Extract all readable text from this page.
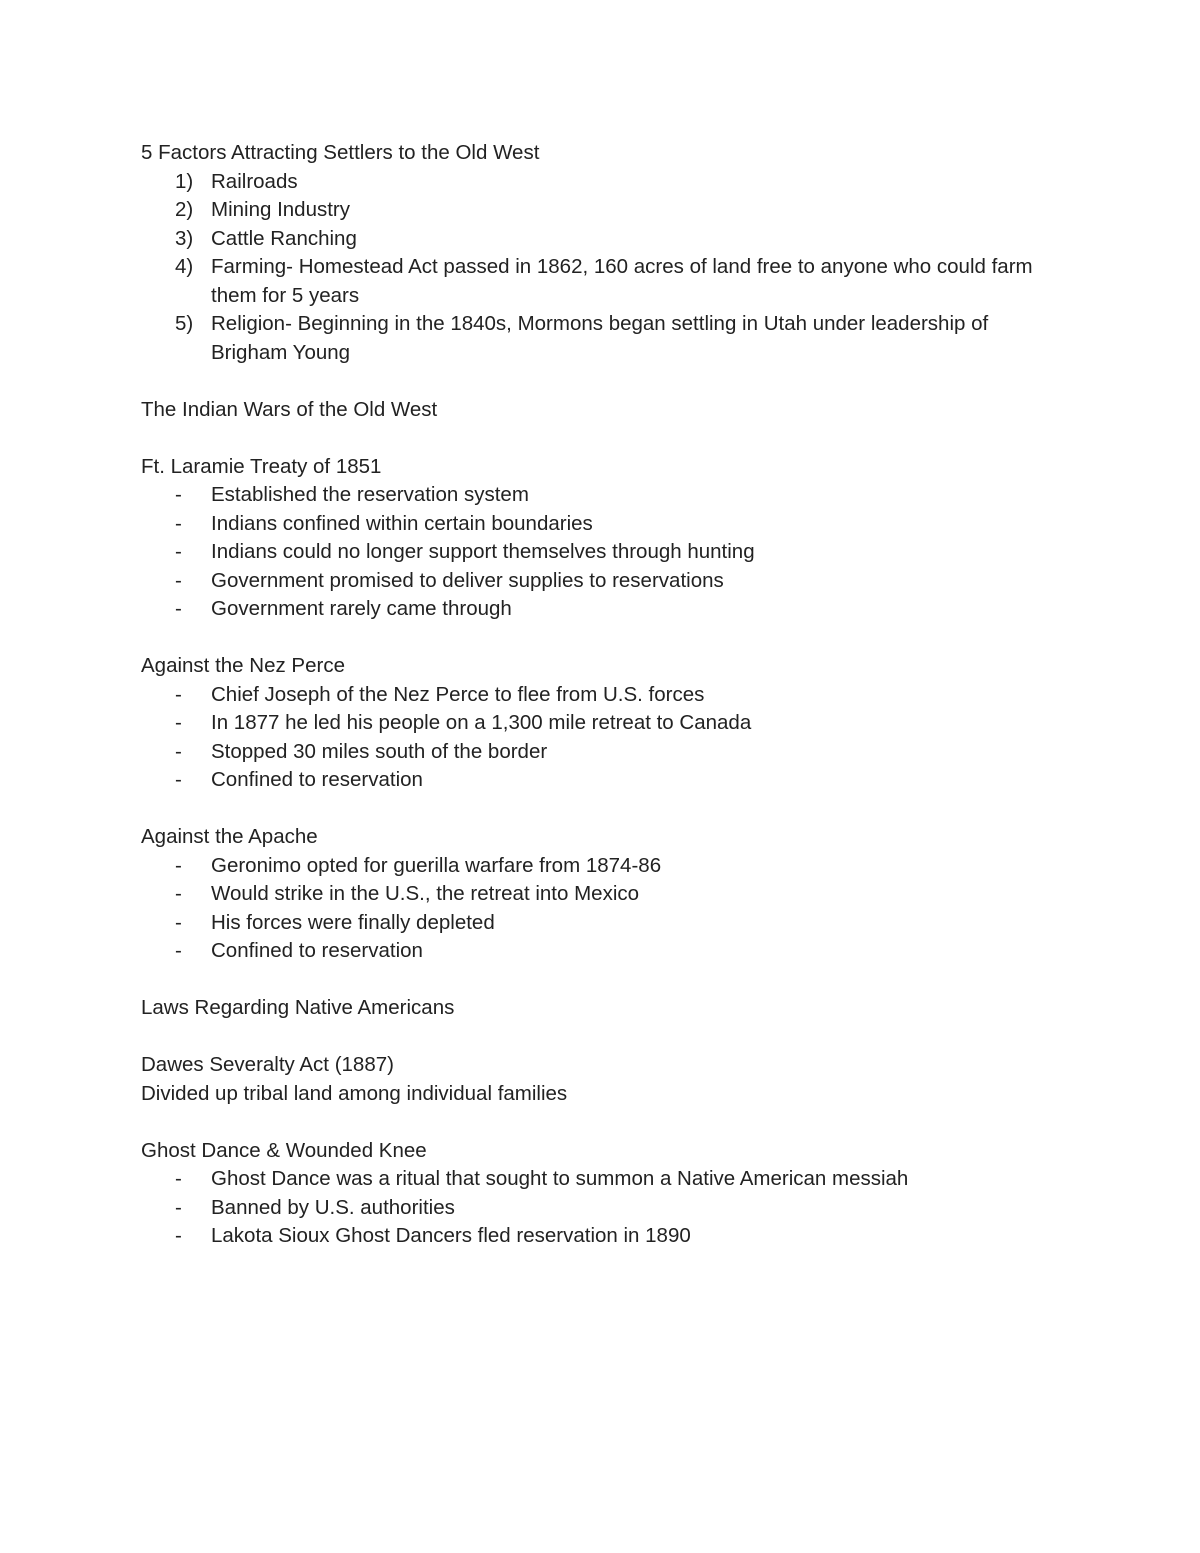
5 Factors Attracting Settlers to the Old West
1) Railroads
2) Mining Industry
3) Cattle Ranching
4) Farming- Homestead Act passed in 1862, 160 acres of land free to anyone who could farm them for 5 years
5) Religion- Beginning in the 1840s, Mormons began settling in Utah under leadership of Brigham Young
The Indian Wars of the Old West
Ft. Laramie Treaty of 1851
- Established the reservation system
- Indians confined within certain boundaries
- Indians could no longer support themselves through hunting
- Government promised to deliver supplies to reservations
- Government rarely came through
Against the Nez Perce
- Chief Joseph of the Nez Perce to flee from U.S. forces
- In 1877 he led his people on a 1,300 mile retreat to Canada
- Stopped 30 miles south of the border
- Confined to reservation
Against the Apache
- Geronimo opted for guerilla warfare from 1874-86
- Would strike in the U.S., the retreat into Mexico
- His forces were finally depleted
- Confined to reservation
Laws Regarding Native Americans
Dawes Severalty Act (1887)
Divided up tribal land among individual families
Ghost Dance & Wounded Knee
- Ghost Dance was a ritual that sought to summon a Native American messiah
- Banned by U.S. authorities
- Lakota Sioux Ghost Dancers fled reservation in 1890
